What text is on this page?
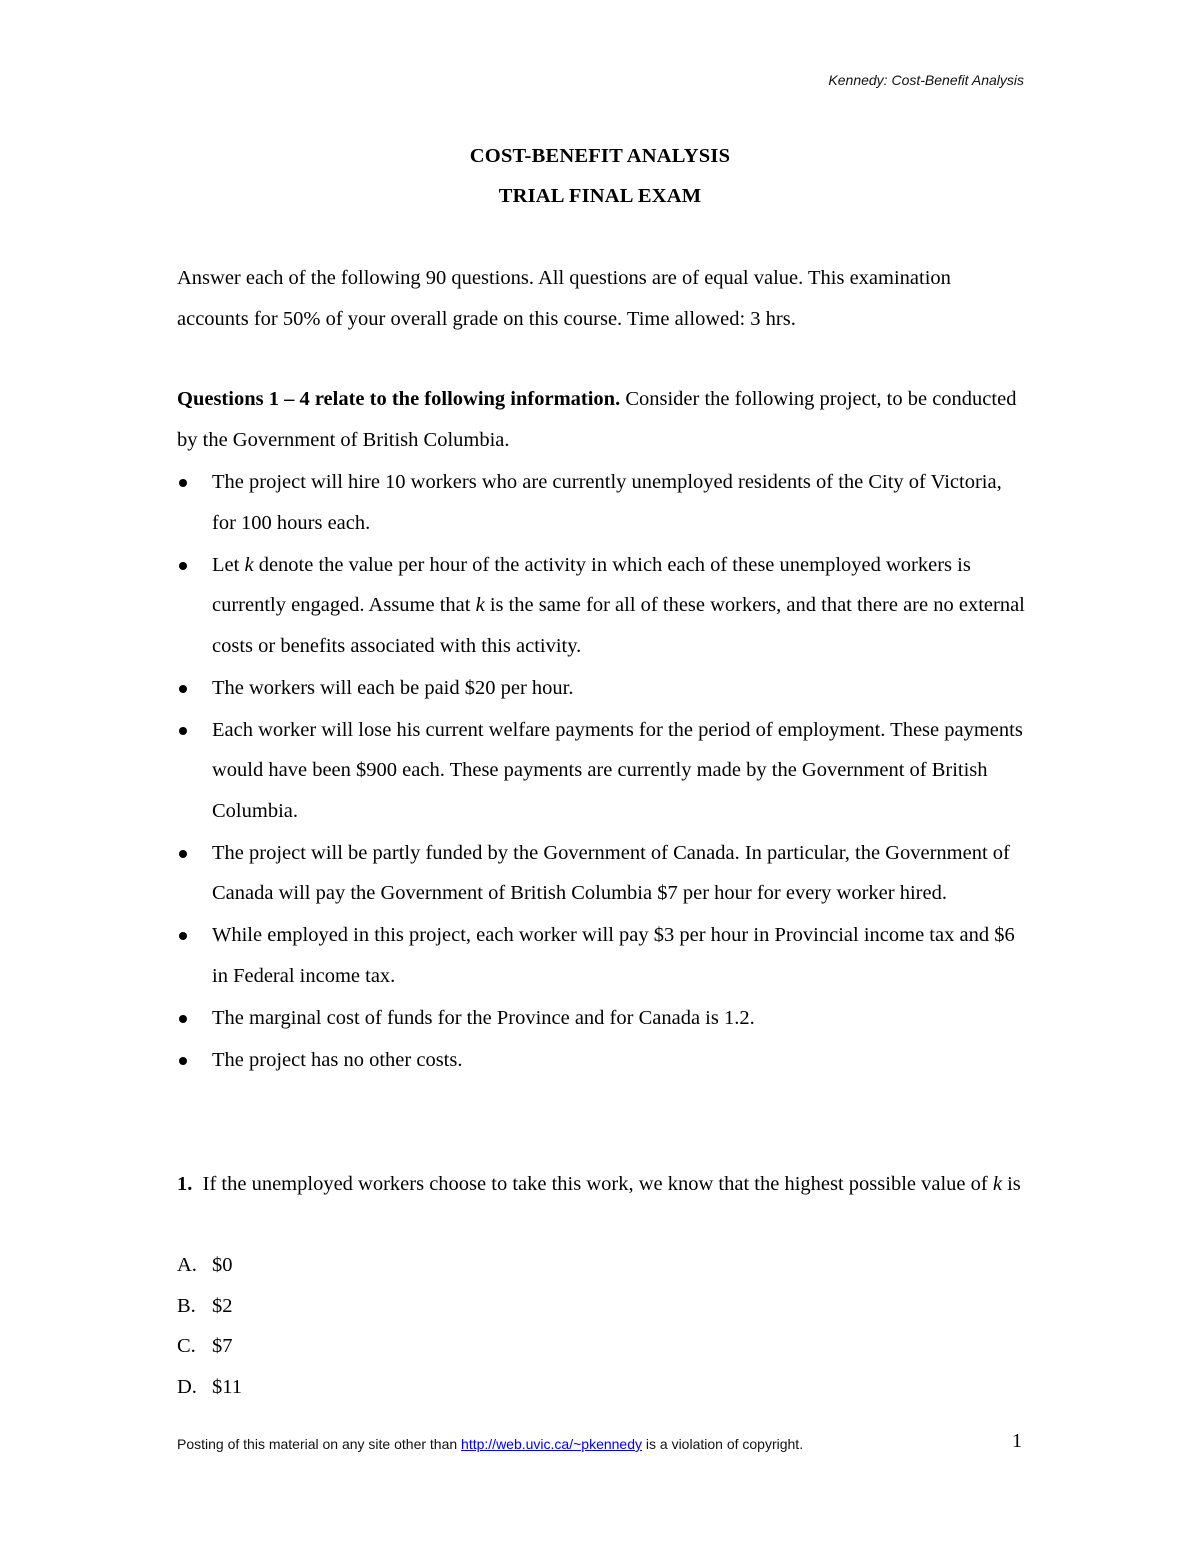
Kennedy: Cost-Benefit Analysis
COST-BENEFIT ANALYSIS
TRIAL FINAL EXAM

Answer each of the following 90 questions. All questions are of equal value. This examination accounts for 50% of your overall grade on this course. Time allowed: 3 hrs.

Questions 1 – 4 relate to the following information. Consider the following project, to be conducted by the Government of British Columbia.

The project will hire 10 workers who are currently unemployed residents of the City of Victoria, for 100 hours each.
Let k denote the value per hour of the activity in which each of these unemployed workers is currently engaged. Assume that k is the same for all of these workers, and that there are no external costs or benefits associated with this activity.
The workers will each be paid $20 per hour.
Each worker will lose his current welfare payments for the period of employment. These payments would have been $900 each. These payments are currently made by the Government of British Columbia.
The project will be partly funded by the Government of Canada. In particular, the Government of Canada will pay the Government of British Columbia $7 per hour for every worker hired.
While employed in this project, each worker will pay $3 per hour in Provincial income tax and $6 in Federal income tax.
The marginal cost of funds for the Province and for Canada is 1.2.
The project has no other costs.

1.  If the unemployed workers choose to take this work, we know that the highest possible value of k is

A. $0
B. $2
C. $7
D. $11
Posting of this material on any site other than http://web.uvic.ca/~pkennedy is a violation of copyright.	1
